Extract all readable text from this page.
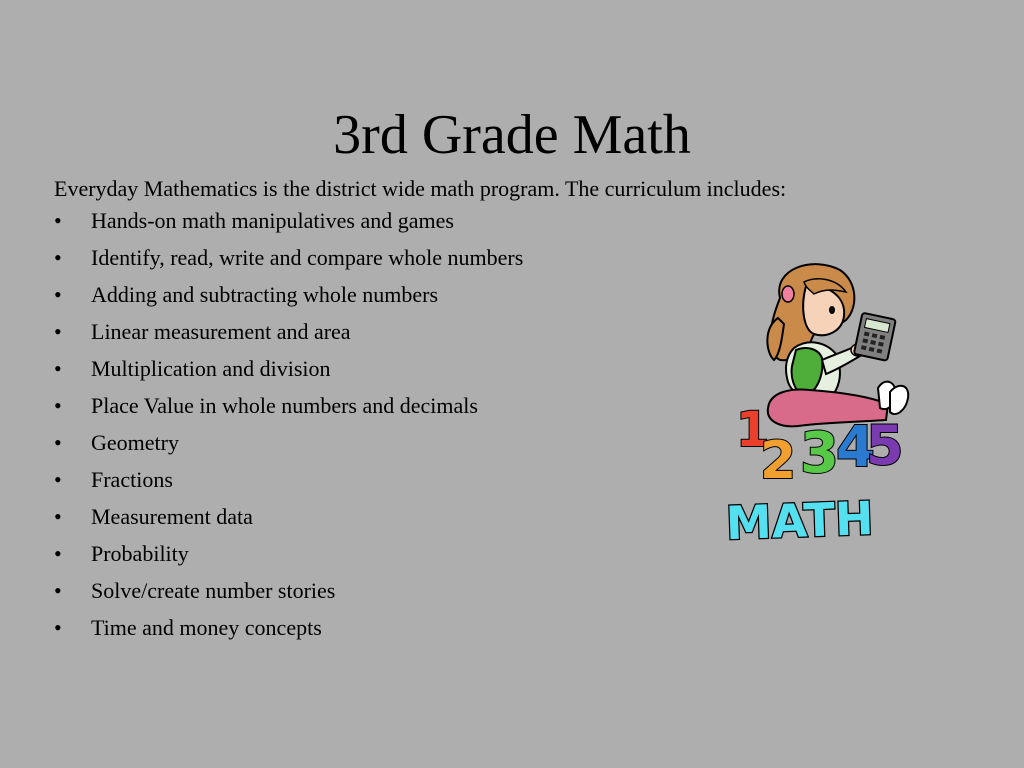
3rd Grade Math

Everyday Mathematics is the district wide math program. The curriculum includes:

•	Hands-on math manipulatives and games
•	Identify, read, write and compare whole numbers
•	Adding and subtracting whole numbers
•	Linear measurement and area
•	Multiplication and division
•	Place Value in whole numbers and decimals
•	Geometry
•	Fractions
•	Measurement data
•	Probability
•	Solve/create number stories
•	Time and money concepts
1
2 3
4
5
MATH
